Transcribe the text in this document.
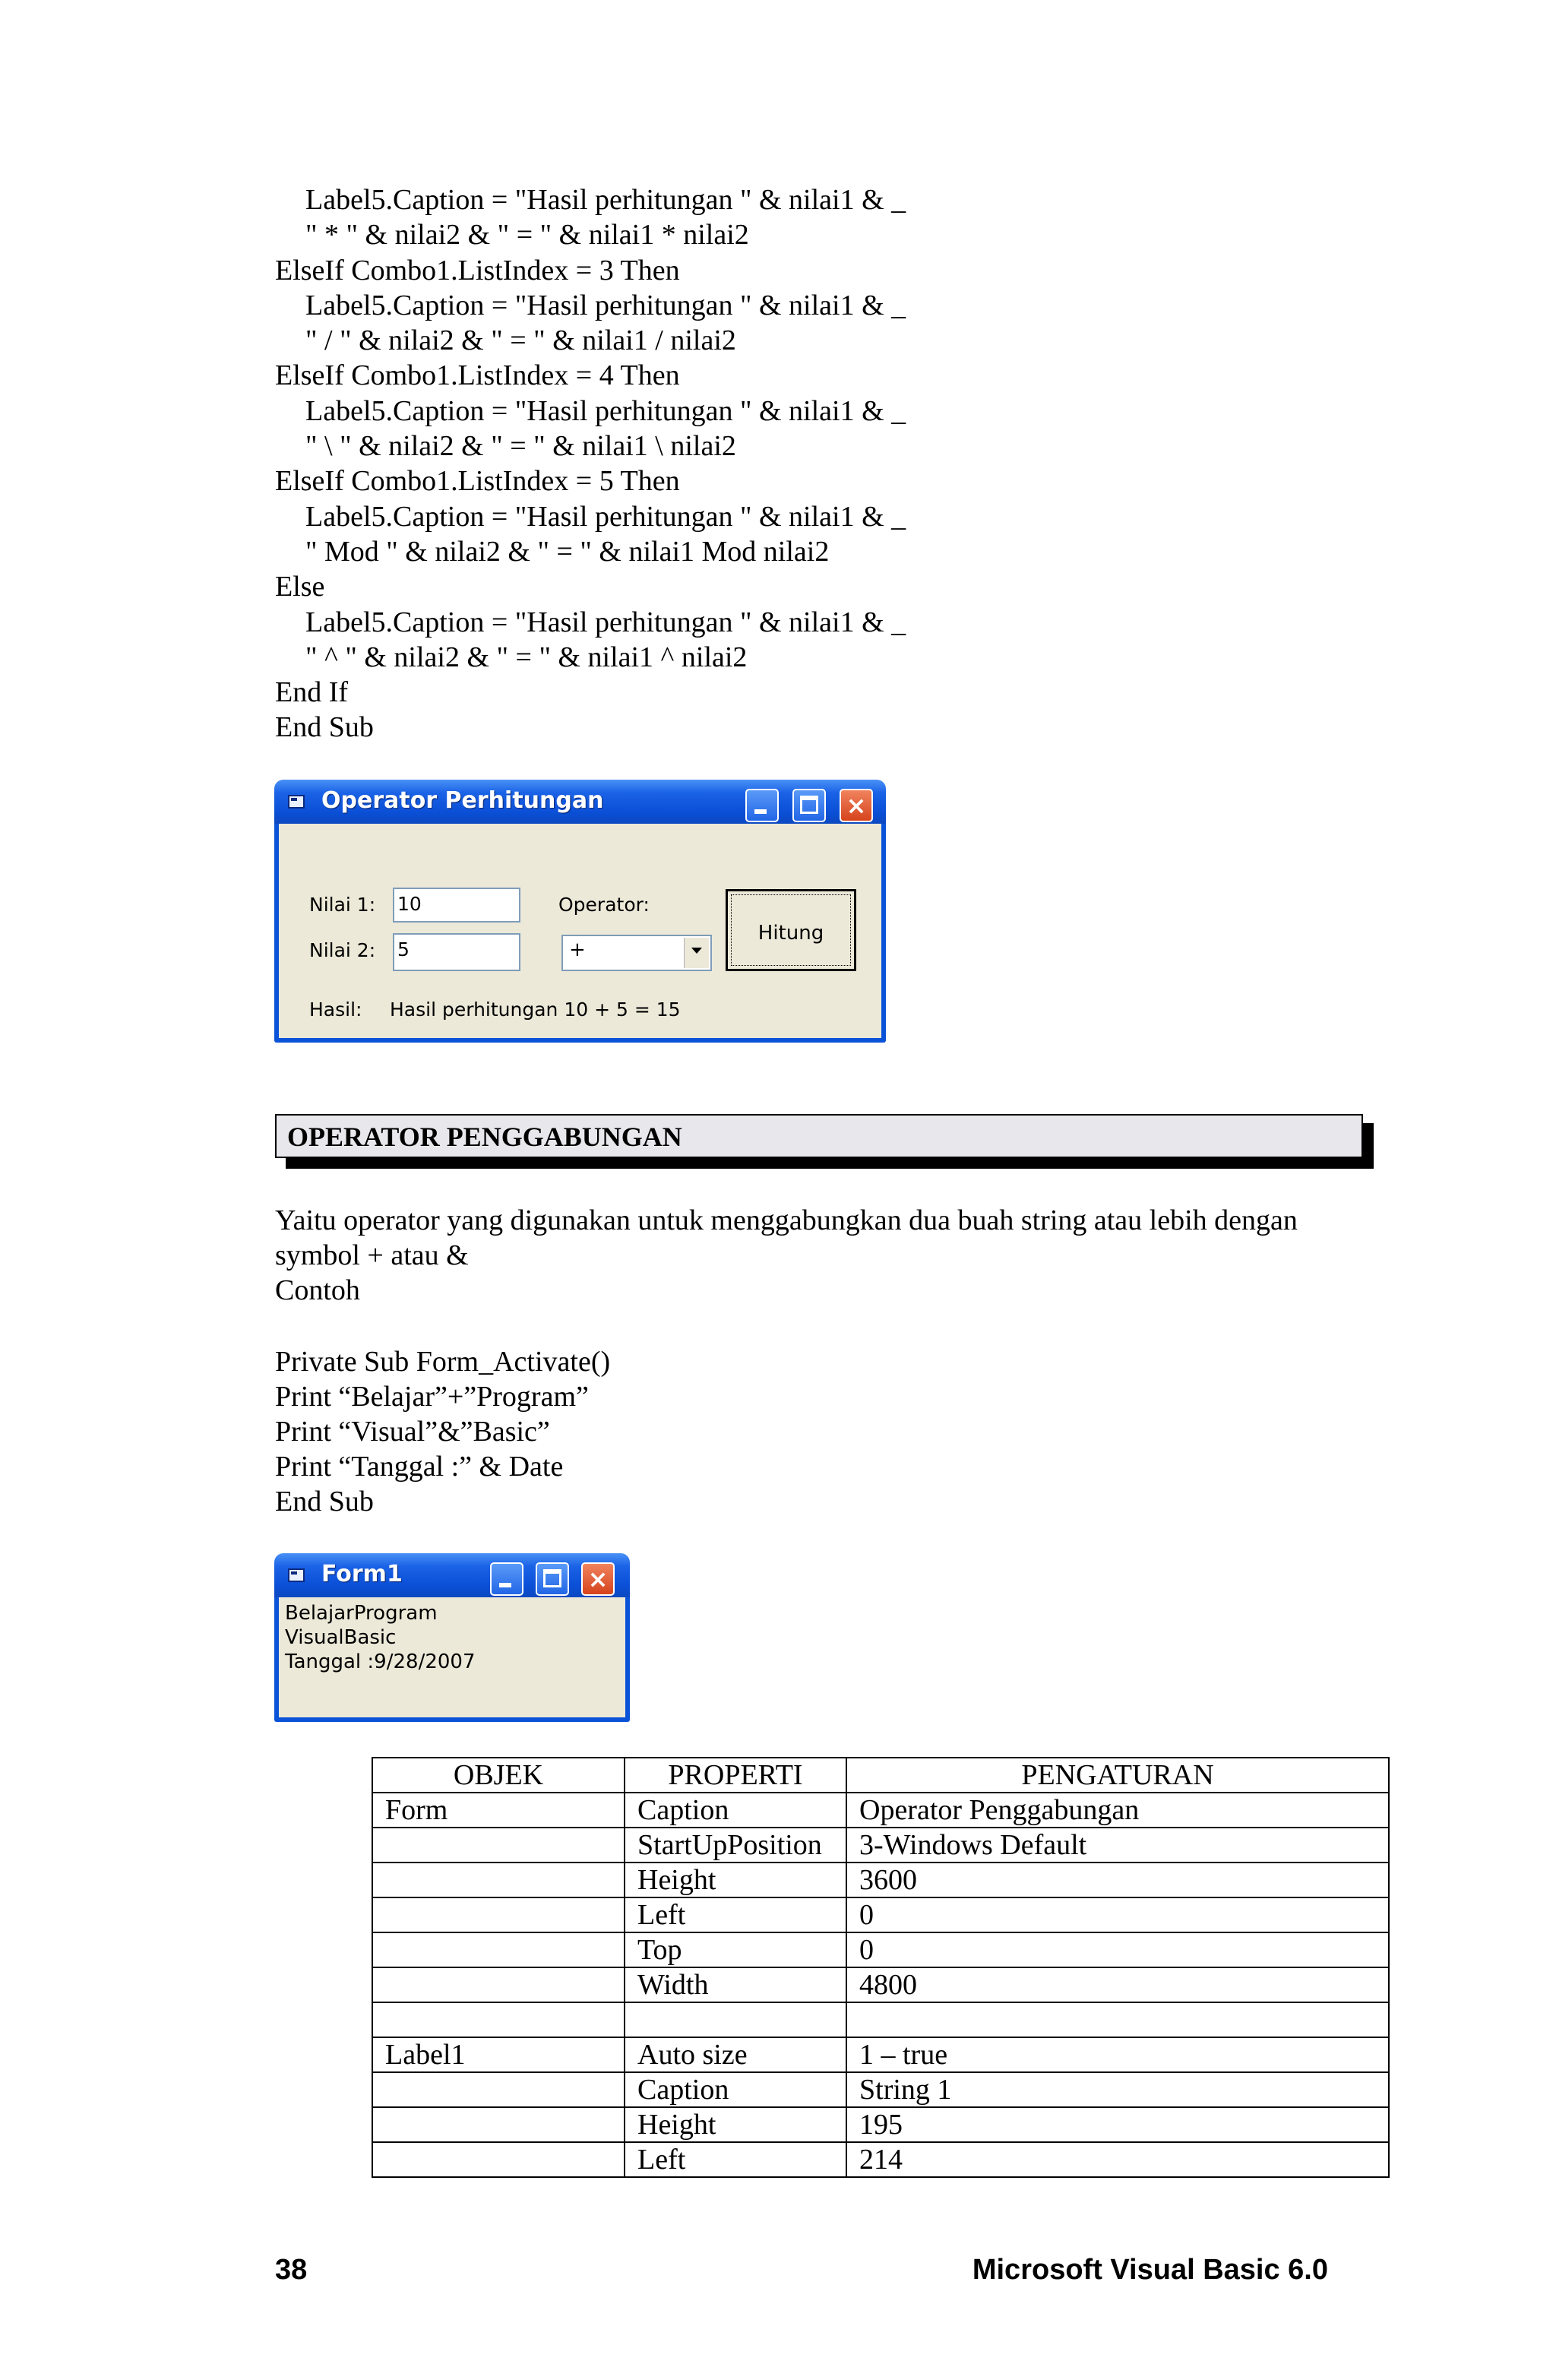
Label5.Caption = "Hasil perhitungan " & nilai1 & _
" * " & nilai2 & " = " & nilai1 * nilai2
ElseIf Combo1.ListIndex = 3 Then
Label5.Caption = "Hasil perhitungan " & nilai1 & _
" / " & nilai2 & " = " & nilai1 / nilai2
ElseIf Combo1.ListIndex = 4 Then
Label5.Caption = "Hasil perhitungan " & nilai1 & _
" \ " & nilai2 & " = " & nilai1 \ nilai2
ElseIf Combo1.ListIndex = 5 Then
Label5.Caption = "Hasil perhitungan " & nilai1 & _
" Mod " & nilai2 & " = " & nilai1 Mod nilai2
Else
Label5.Caption = "Hasil perhitungan " & nilai1 & _
" ^ " & nilai2 & " = " & nilai1 ^ nilai2
End If
End Sub
Operator Perhitungan	×
Nilai 1: 10
Nilai 2: 5
Operator:
+
Hitung
Hasil: Hasil perhitungan 10 + 5 = 15
OPERATOR PENGGABUNGAN
Yaitu operator yang digunakan untuk menggabungkan dua buah string atau lebih dengan
symbol + atau &
Contoh
Private Sub Form_Activate()
Print “Belajar”+”Program”
Print “Visual”&”Basic”
Print “Tanggal :” & Date
End Sub
Form1	×
BelajarProgram
VisualBasic
Tanggal :9/28/2007
OBJEK	PROPERTI	PENGATURAN
Form	Caption	Operator Penggabungan
	StartUpPosition	3-Windows Default
	Height	3600
	Left	0
	Top	0
	Width	4800

Label1	Auto size	1 – true
	Caption	String 1
	Height	195
	Left	214
38	Microsoft Visual Basic 6.0
